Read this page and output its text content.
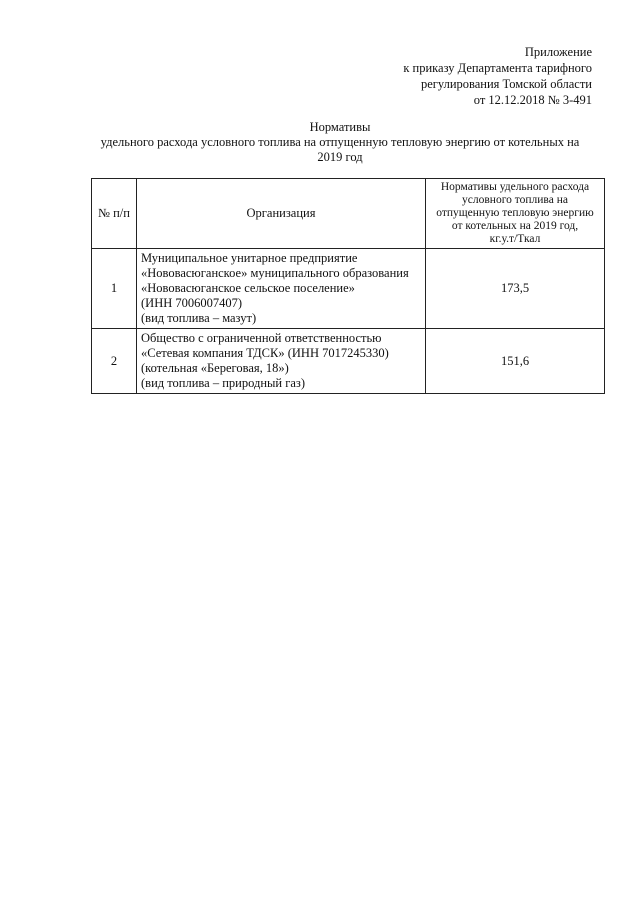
Приложение
к приказу Департамента тарифного
регулирования Томской области
от 12.12.2018 № 3-491
Нормативы
удельного расхода условного топлива на отпущенную тепловую энергию от котельных на
2019 год
№ п/п	Организация	Нормативы удельного расхода
условного топлива на
отпущенную тепловую энергию
от котельных на 2019 год,
кг.у.т/Ткал

1	Муниципальное унитарное предприятие
«Нововасюганское» муниципального образования
«Нововасюганское сельское поселение»
(ИНН 7006007407)
(вид топлива – мазут)	173,5
2	Общество с ограниченной ответственностью
«Сетевая компания ТДСК» (ИНН 7017245330)
(котельная «Береговая, 18»)
(вид топлива – природный газ)	151,6
